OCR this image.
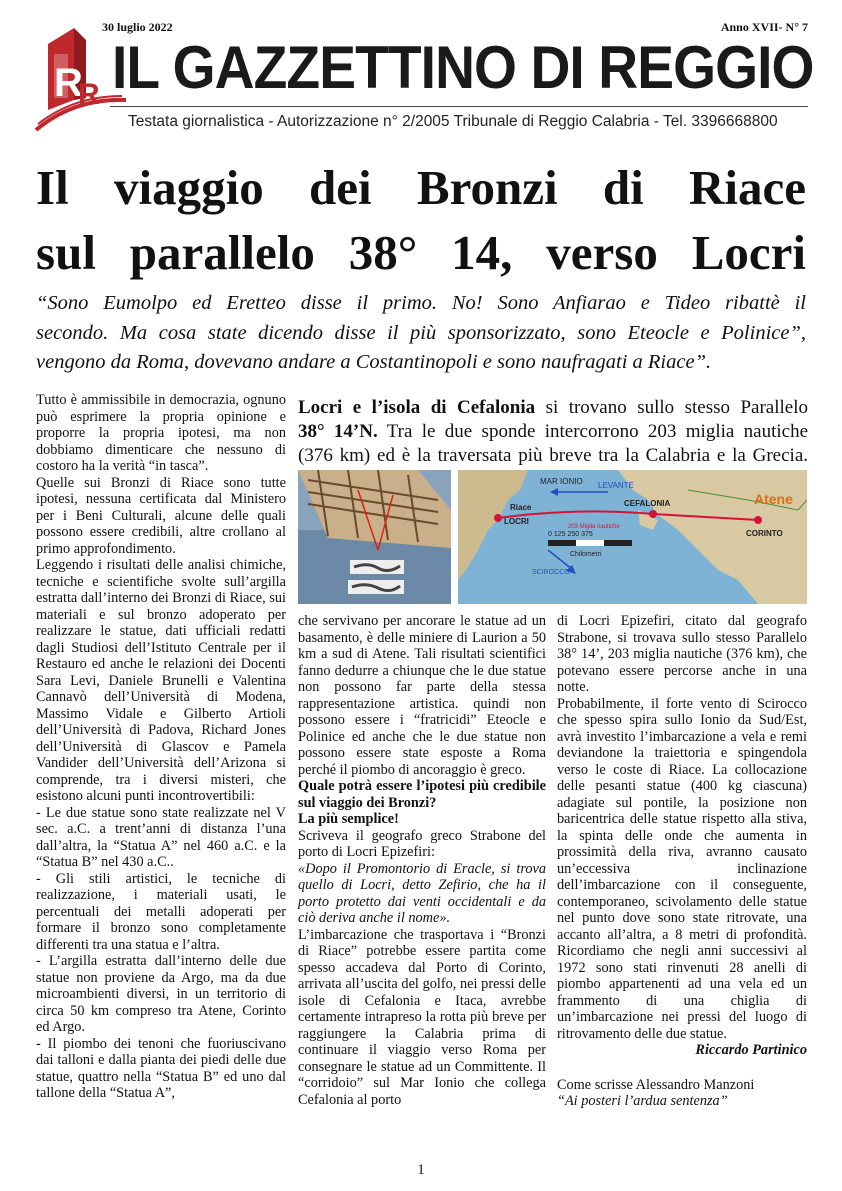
30 luglio 2022	Anno XVII- N° 7
R
R IL GAZZETTINO DI REGGIO
Testata giornalistica - Autorizzazione n° 2/2005 Tribunale di Reggio Calabria - Tel. 3396668800
Il viaggio dei Bronzi di Riace
sul parallelo 38° 14, verso Locri
“Sono Eumolpo ed Eretteo disse il primo. No! Sono Anfiarao e Tideo ribattè il
secondo. Ma cosa state dicendo disse il più sponsorizzato, sono Eteocle e Polinice”,
vengono da Roma, dovevano andare a Costantinopoli e sono naufragati a Riace”.
Locri e l’isola di Cefalonia si trovano sullo stesso Parallelo
38° 14’N. Tra le due sponde intercorrono 203 miglia nautiche
(376 km) ed è la traversata più breve tra la Calabria e la Grecia.
MAR IONIO LEVANTE
Riace
LOCRI
CEFALONIA	Atene
CORINTO
203 Miglia nautiche
0 125 250 375
Chilometri
SCIROCCO

Tutto è ammissibile in democrazia, ognuno può esprimere la propria opinione e proporre la propria ipotesi, ma non dobbiamo dimenticare che nessuno di costoro ha la verità “in tasca”.

Quelle sui Bronzi di Riace sono tutte ipotesi, nessuna certificata dal Ministero per i Beni Culturali, alcune delle quali possono essere credibili, altre crollano al primo approfondimento.

Leggendo i risultati delle analisi chimiche, tecniche e scientifiche svolte sull’argilla estratta dall’interno dei Bronzi di Riace, sui materiali e sul bronzo adoperato per realizzare le statue, dati ufficiali redatti dagli Studiosi dell’Istituto Centrale per il Restauro ed anche le relazioni dei Docenti Sara Levi, Daniele Brunelli e Valentina Cannavò dell’Università di Modena, Massimo Vidale e Gilberto Artioli dell’Università di Padova, Richard Jones dell’Università di Glascov e Pamela Vandider dell’Università dell’Arizona si comprende, tra i diversi misteri, che esistono alcuni punti incontrovertibili:

- Le due statue sono state realizzate nel V sec. a.C. a trent’anni di distanza l’una dall’altra, la “Statua A” nel 460 a.C. e la “Statua B” nel 430 a.C..

- Gli stili artistici, le tecniche di realizzazione, i materiali usati, le percentuali dei metalli adoperati per formare il bronzo sono completamente differenti tra una statua e l’altra.

- L’argilla estratta dall’interno delle due statue non proviene da Argo, ma da due microambienti diversi, in un territorio di circa 50 km compreso tra Atene, Corinto ed Argo.

- Il piombo dei tenoni che fuoriuscivano dai talloni e dalla pianta dei piedi delle due statue, quattro nella “Statua B” ed uno dal tallone della “Statua A”,

che servivano per ancorare le statue ad un basamento, è delle miniere di Laurion a 50 km a sud di Atene. Tali risultati scientifici fanno dedurre a chiunque che le due statue non possono far parte della stessa rappresentazione artistica. quindi non possono essere i “fratricidi” Eteocle e Polinice ed anche che le due statue non possono essere state esposte a Roma perché il piombo di ancoraggio è greco.

Quale potrà essere l’ipotesi più credibile sul viaggio dei Bronzi?

La più semplice!

Scriveva il geografo greco Strabone del porto di Locri Epizefiri:

«Dopo il Promontorio di Eracle, si trova quello di Locri, detto Zefirio, che ha il porto protetto dai venti occidentali e da ciò deriva anche il nome».

L’imbarcazione che trasportava i “Bronzi di Riace” potrebbe essere partita come spesso accadeva dal Porto di Corinto, arrivata all’uscita del golfo, nei pressi delle isole di Cefalonia e Itaca, avrebbe certamente intrapreso la rotta più breve per raggiungere la Calabria prima di continuare il viaggio verso Roma per consegnare le statue ad un Committente. Il “corridoio” sul Mar Ionio che collega Cefalonia al porto

di Locri Epizefiri, citato dal geografo Strabone, si trovava sullo stesso Parallelo 38° 14’, 203 miglia nautiche (376 km), che potevano essere percorse anche in una notte.

Probabilmente, il forte vento di Scirocco che spesso spira sullo Ionio da Sud/Est, avrà investito l’imbarcazione a vela e remi deviandone la traiettoria e spingendola verso le coste di Riace. La collocazione delle pesanti statue (400 kg ciascuna) adagiate sul pontile, la posizione non baricentrica delle statue rispetto alla stiva, la spinta delle onde che aumenta in prossimità della riva, avranno causato un’eccessiva inclinazione dell’imbarcazione con il conseguente, contemporaneo, scivolamento delle statue nel punto dove sono state ritrovate, una accanto all’altra, a 8 metri di profondità. Ricordiamo che negli anni successivi al 1972 sono stati rinvenuti 28 anelli di piombo appartenenti ad una vela ed un frammento di una chiglia di un’imbarcazione nei pressi del luogo di ritrovamento delle due statue.

Riccardo Partinico

Come scrisse Alessandro Manzoni

“Ai posteri l’ardua sentenza”

1
